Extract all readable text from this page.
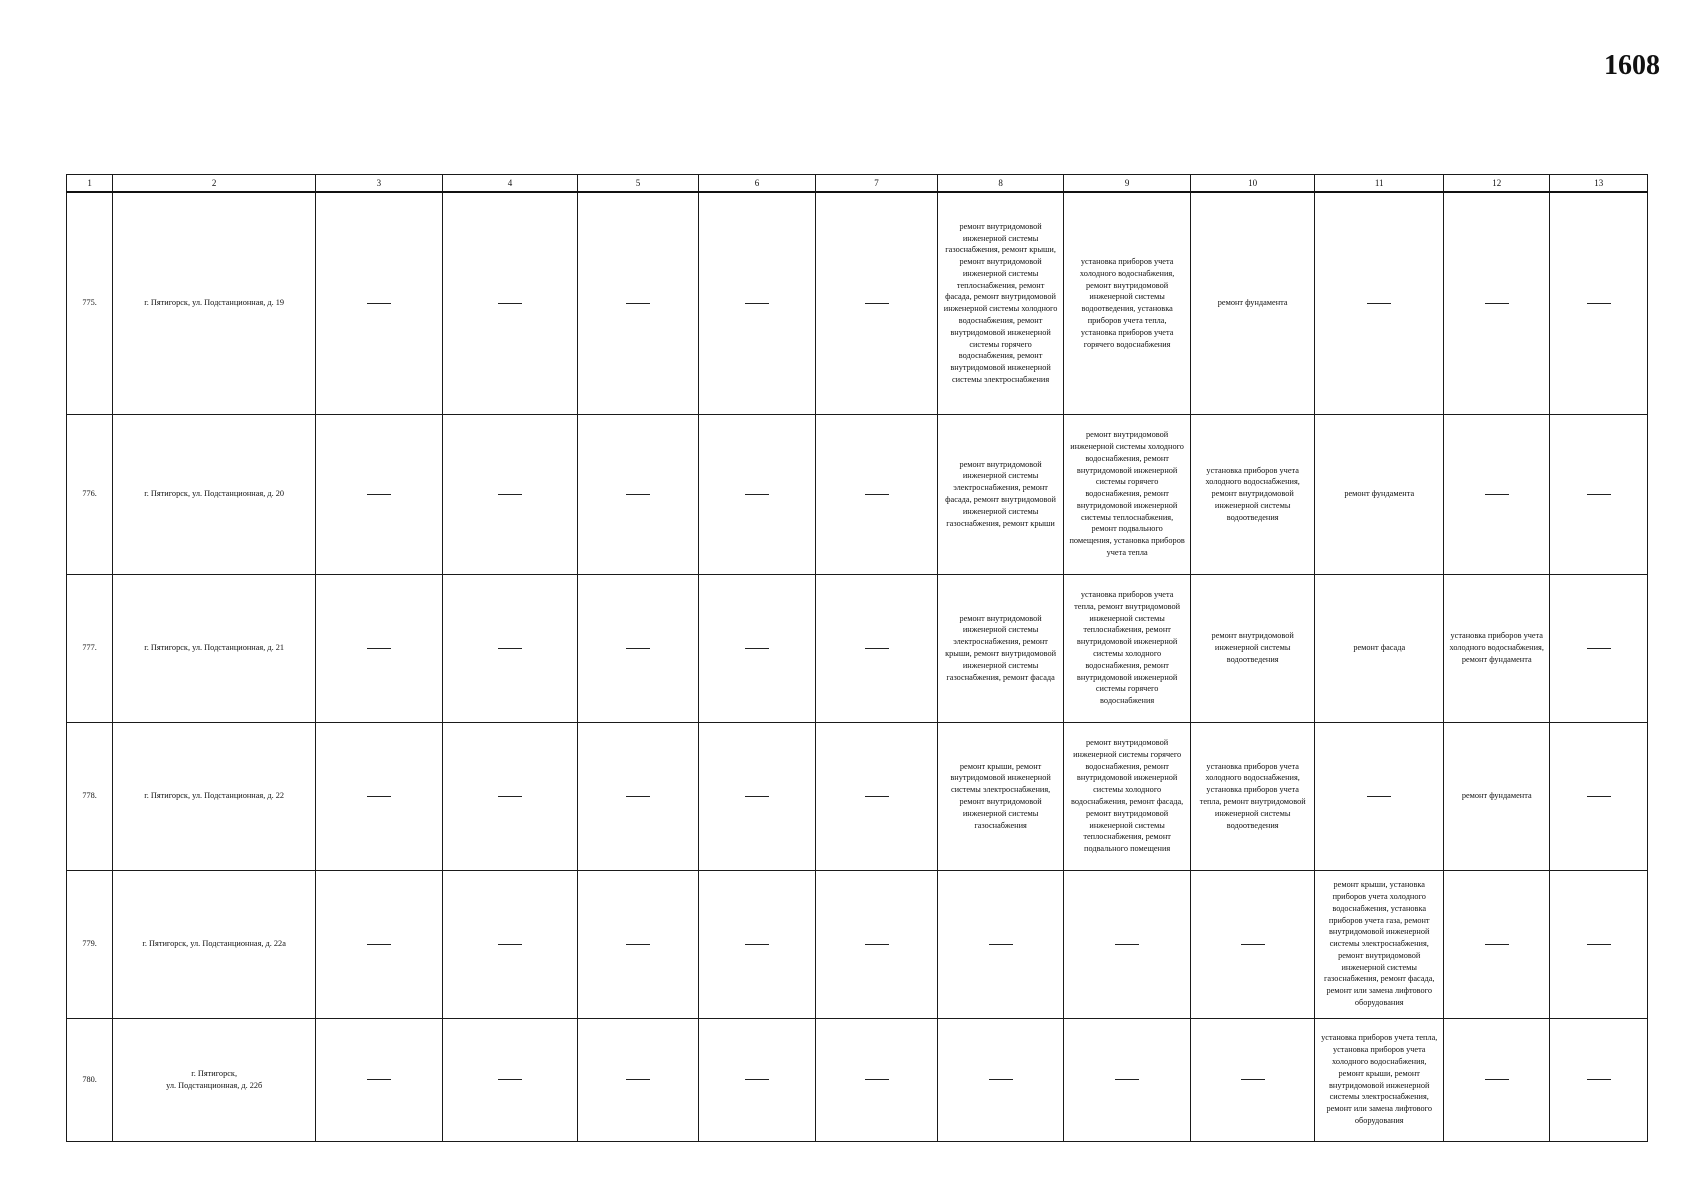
1608
1	2	3	4	5	6	7	8	9	10	11	12	13
775.	г. Пятигорск, ул. Подстанционная, д. 19						ремонт внутридомовой инженерной системы газоснабжения, ремонт крыши, ремонт внутридомовой инженерной системы теплоснабжения, ремонт фасада, ремонт внутридомовой инженерной системы холодного водоснабжения, ремонт внутридомовой инженерной системы горячего водоснабжения, ремонт внутридомовой инженерной системы электроснабжения	установка приборов учета холодного водоснабжения, ремонт внутридомовой инженерной системы водоотведения, установка приборов учета тепла, установка приборов учета горячего водоснабжения	ремонт фундамента			

776.	г. Пятигорск, ул. Подстанционная, д. 20						ремонт внутридомовой инженерной системы электроснабжения, ремонт фасада, ремонт внутридомовой инженерной системы газоснабжения, ремонт крыши	ремонт внутридомовой инженерной системы холодного водоснабжения, ремонт внутридомовой инженерной системы горячего водоснабжения, ремонт внутридомовой инженерной системы теплоснабжения, ремонт подвального помещения, установка приборов учета тепла	установка приборов учета холодного водоснабжения, ремонт внутридомовой инженерной системы водоотведения	ремонт фундамента		

777.	г. Пятигорск, ул. Подстанционная, д. 21						ремонт внутридомовой инженерной системы электроснабжения, ремонт крыши, ремонт внутридомовой инженерной системы газоснабжения, ремонт фасада	установка приборов учета тепла, ремонт внутридомовой инженерной системы теплоснабжения, ремонт внутридомовой инженерной системы холодного водоснабжения, ремонт внутридомовой инженерной системы горячего водоснабжения	ремонт внутридомовой инженерной системы водоотведения	ремонт фасада	установка приборов учета холодного водоснабжения, ремонт фундамента	

778.	г. Пятигорск, ул. Подстанционная, д. 22						ремонт крыши, ремонт внутридомовой инженерной системы электроснабжения, ремонт внутридомовой инженерной системы газоснабжения	ремонт внутридомовой инженерной системы горячего водоснабжения, ремонт внутридомовой инженерной системы холодного водоснабжения, ремонт фасада, ремонт внутридомовой инженерной системы теплоснабжения, ремонт подвального помещения	установка приборов учета холодного водоснабжения, установка приборов учета тепла, ремонт внутридомовой инженерной системы водоотведения		ремонт фундамента	

779.	г. Пятигорск, ул. Подстанционная, д. 22а									ремонт крыши, установка приборов учета холодного водоснабжения, установка приборов учета газа, ремонт внутридомовой инженерной системы электроснабжения, ремонт внутридомовой инженерной системы газоснабжения, ремонт фасада, ремонт или замена лифтового оборудования		

780.	г. Пятигорск,
ул. Подстанционная, д. 22б									установка приборов учета тепла, установка приборов учета холодного водоснабжения, ремонт крыши, ремонт внутридомовой инженерной системы электроснабжения, ремонт или замена лифтового оборудования		
